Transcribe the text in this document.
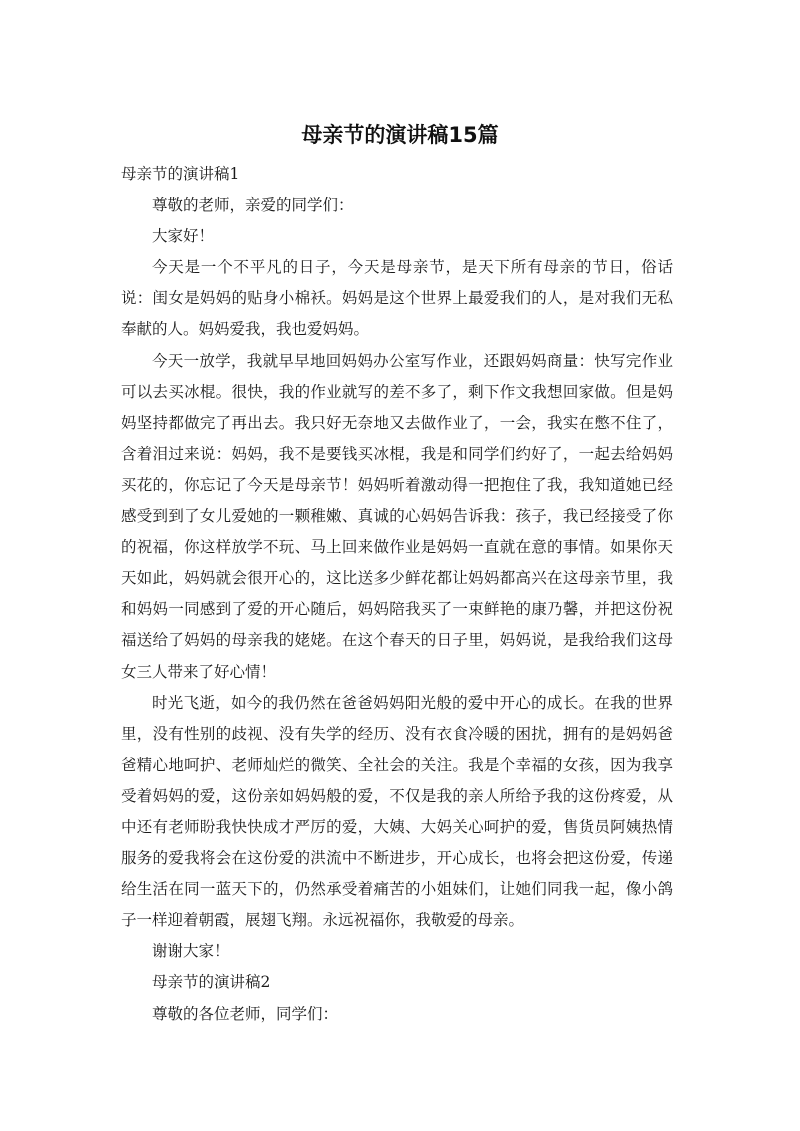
母亲节的演讲稿15篇

母亲节的演讲稿1

尊敬的老师，亲爱的同学们：

大家好！

今天是一个不平凡的日子，今天是母亲节，是天下所有母亲的节日，俗话说：闺女是妈妈的贴身小棉袄。妈妈是这个世界上最爱我们的人，是对我们无私奉献的人。妈妈爱我，我也爱妈妈。

今天一放学，我就早早地回妈妈办公室写作业，还跟妈妈商量：快写完作业可以去买冰棍。很快，我的作业就写的差不多了，剩下作文我想回家做。但是妈妈坚持都做完了再出去。我只好无奈地又去做作业了，一会，我实在憋不住了，含着泪过来说：妈妈，我不是要钱买冰棍，我是和同学们约好了，一起去给妈妈买花的，你忘记了今天是母亲节！妈妈听着激动得一把抱住了我，我知道她已经感受到到了女儿爱她的一颗稚嫩、真诚的心妈妈告诉我：孩子，我已经接受了你的祝福，你这样放学不玩、马上回来做作业是妈妈一直就在意的事情。如果你天天如此，妈妈就会很开心的，这比送多少鲜花都让妈妈都高兴在这母亲节里，我和妈妈一同感到了爱的开心随后，妈妈陪我买了一束鲜艳的康乃馨，并把这份祝福送给了妈妈的母亲我的姥姥。在这个春天的日子里，妈妈说，是我给我们这母女三人带来了好心情！

时光飞逝，如今的我仍然在爸爸妈妈阳光般的爱中开心的成长。在我的世界里，没有性别的歧视、没有失学的经历、没有衣食冷暖的困扰，拥有的是妈妈爸爸精心地呵护、老师灿烂的微笑、全社会的关注。我是个幸福的女孩，因为我享受着妈妈的爱，这份亲如妈妈般的爱，不仅是我的亲人所给予我的这份疼爱，从中还有老师盼我快快成才严厉的爱，大姨、大妈关心呵护的爱，售货员阿姨热情服务的爱我将会在这份爱的洪流中不断进步，开心成长，也将会把这份爱，传递给生活在同一蓝天下的，仍然承受着痛苦的小姐妹们，让她们同我一起，像小鸽子一样迎着朝霞，展翅飞翔。永远祝福你，我敬爱的母亲。

谢谢大家！

母亲节的演讲稿2

尊敬的各位老师，同学们：
